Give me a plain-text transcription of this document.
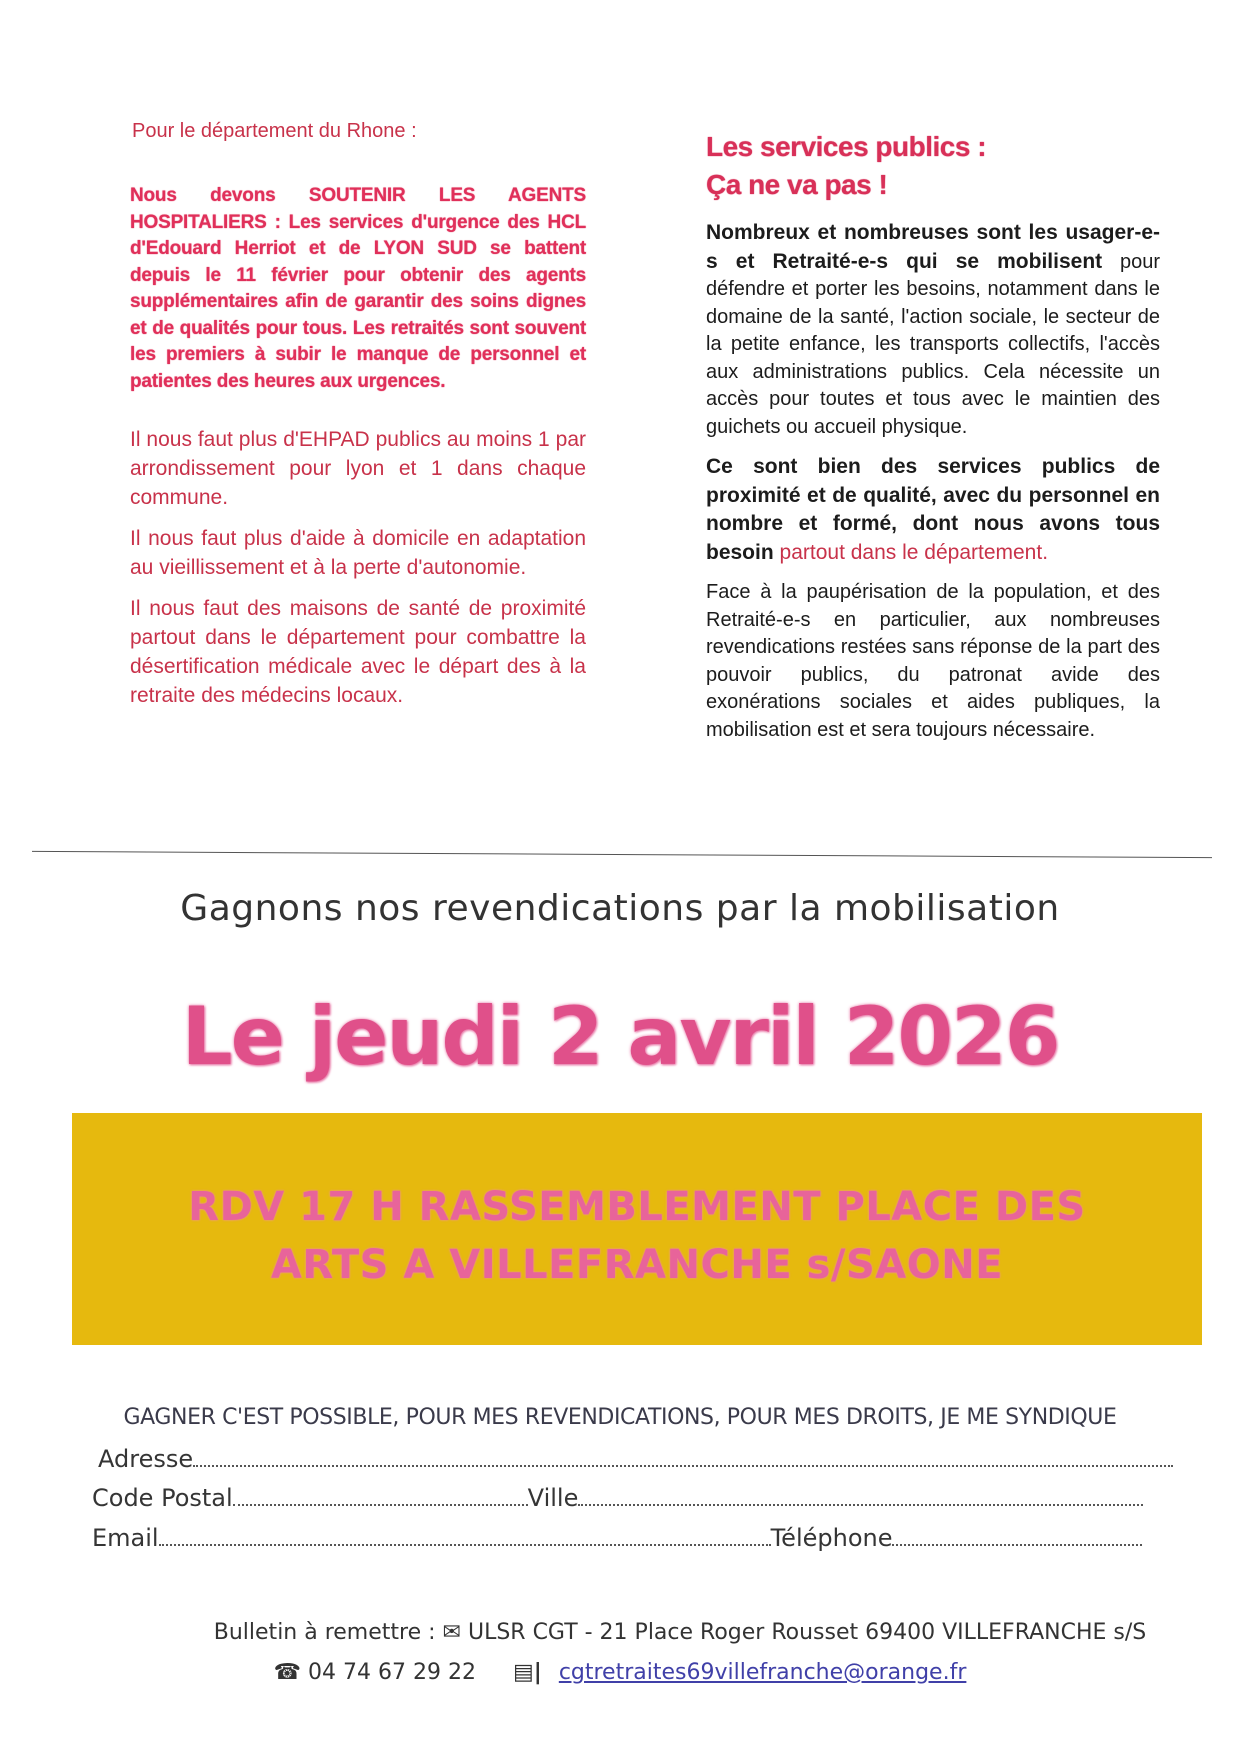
Pour le département du Rhone :
Nous devons SOUTENIR LES AGENTS HOSPITALIERS : Les services d'urgence des HCL d'Edouard Herriot et de LYON SUD se battent depuis le 11 février pour obtenir des agents supplémentaires afin de garantir des soins dignes et de qualités pour tous. Les retraités sont souvent les premiers à subir le manque de personnel et patientes des heures aux urgences.

Il nous faut plus d'EHPAD publics au moins 1 par arrondissement pour lyon et 1 dans chaque commune.

Il nous faut plus d'aide à domicile en adaptation au vieillissement et à la perte d'autonomie.

Il nous faut des maisons de santé de proximité partout dans le département pour combattre la désertification médicale avec le départ des à la retraite des médecins locaux.

Les services publics :
Ça ne va pas !

Nombreux et nombreuses sont les usager-e-s et Retraité-e-s qui se mobilisent pour défendre et porter les besoins, notamment dans le domaine de la santé, l'action sociale, le secteur de la petite enfance, les transports collectifs, l'accès aux administrations publics. Cela nécessite un accès pour toutes et tous avec le maintien des guichets ou accueil physique.

Ce sont bien des services publics de proximité et de qualité, avec du personnel en nombre et formé, dont nous avons tous besoin partout dans le département.

Face à la paupérisation de la population, et des Retraité-e-s en particulier, aux nombreuses revendications restées sans réponse de la part des pouvoir publics, du patronat avide des exonérations sociales et aides publiques, la mobilisation est et sera toujours nécessaire.

Gagnons nos revendications par la mobilisation
Le jeudi 2 avril 2026
RDV 17 H RASSEMBLEMENT PLACE DES
ARTS A VILLEFRANCHE s/SAONE
GAGNER C'EST POSSIBLE, POUR MES REVENDICATIONS, POUR MES DROITS, JE ME SYNDIQUE
Adresse
Code Postal	Ville
Email	Téléphone
Bulletin à remettre : ✉ ULSR CGT - 21 Place Roger Rousset 69400 VILLEFRANCHE s/S
☎ 04 74 67 29 22 ▤| cgtretraites69villefranche@orange.fr
